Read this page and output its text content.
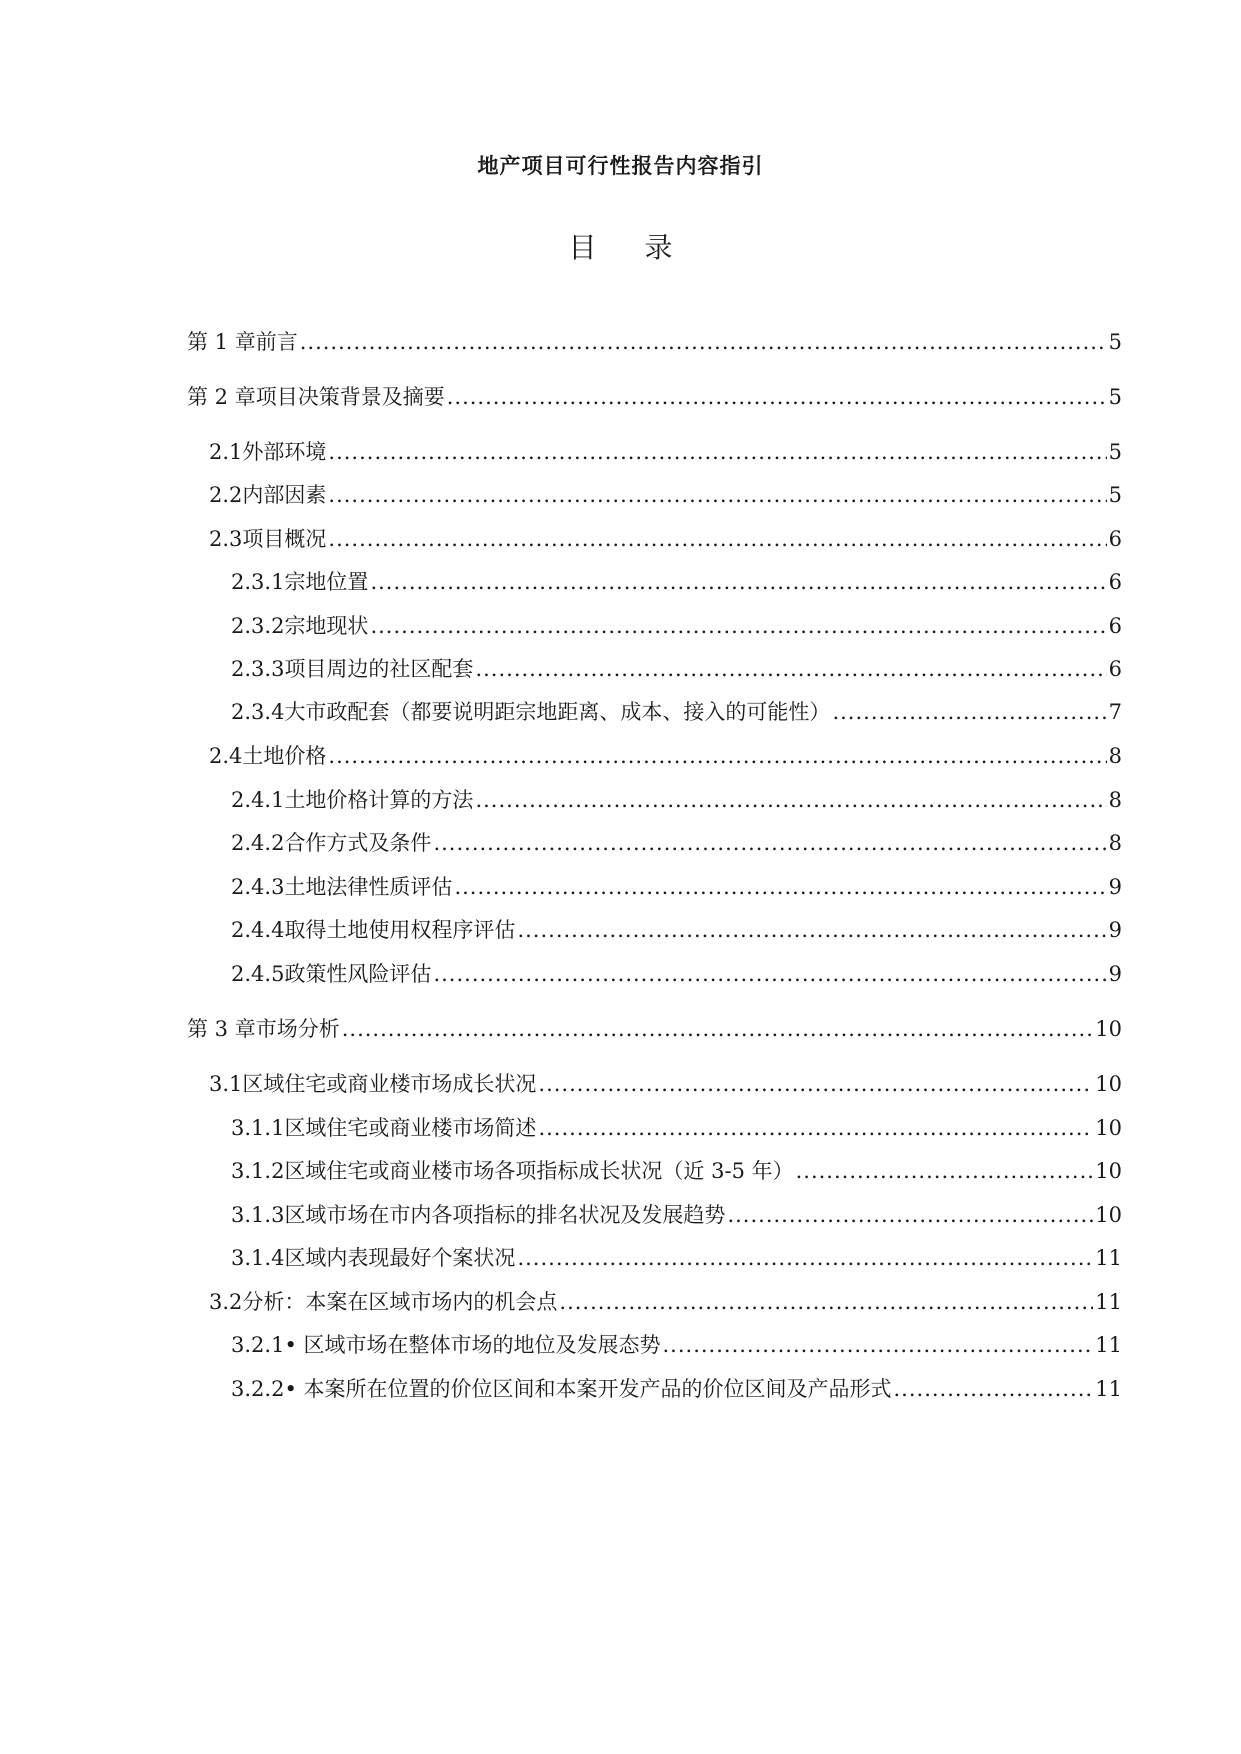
地产项目可行性报告内容指引
目 录
第 1 章 前言 .....	5
第 2 章 项目决策背景及摘要 .....	5
2.1 外部环境 .....	5
2.2 内部因素 .....	5
2.3 项目概况 .....	6
2.3.1 宗地位置 .....	6
2.3.2 宗地现状 .....	6
2.3.3 项目周边的社区配套 .....	6
2.3.4 大市政配套（都要说明距宗地距离、成本、接入的可能性） .....	7
2.4 土地价格 .....	8
2.4.1 土地价格计算的方法 .....	8
2.4.2 合作方式及条件 .....	8
2.4.3 土地法律性质评估 .....	9
2.4.4 取得土地使用权程序评估 .....	9
2.4.5 政策性风险评估 .....	9
第 3 章 市场分析 .....	10
3.1 区域住宅或商业楼市场成长状况 .....	10
3.1.1 区域住宅或商业楼市场简述 .....	10
3.1.2 区域住宅或商业楼市场各项指标成长状况（近 3-5 年） .....	10
3.1.3 区域市场在市内各项指标的排名状况及发展趋势 .....	10
3.1.4 区域内表现最好个案状况 .....	11
3.2 分析：本案在区域市场内的机会点 .....	11
3.2.1 • 区域市场在整体市场的地位及发展态势 .....	11
3.2.2 • 本案所在位置的价位区间和本案开发产品的价位区间及产品形式 .....	11
